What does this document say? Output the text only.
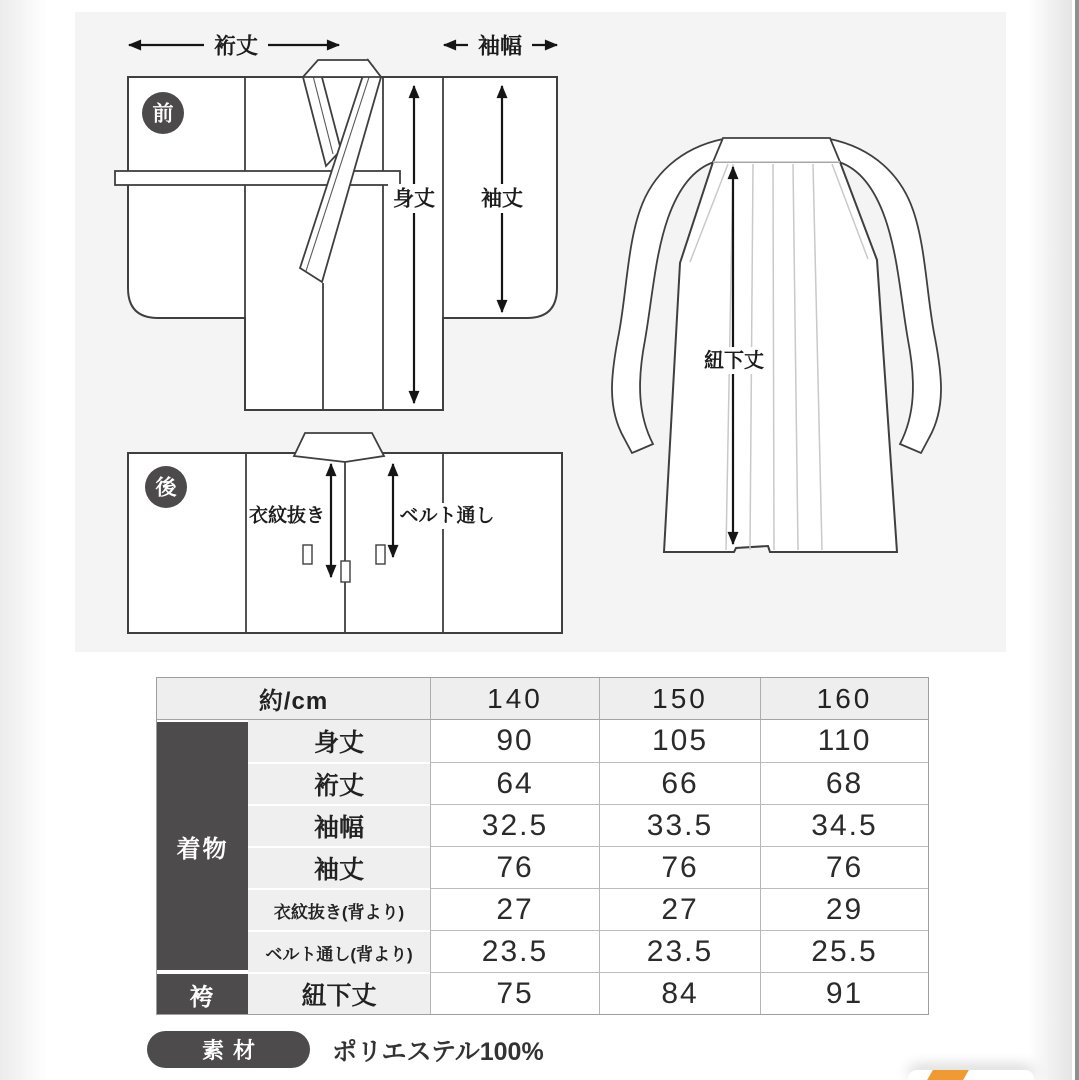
前
裄丈	袖幅
身丈 袖丈
後
衣紋抜き	ベルト通し
紐下丈
約/cm	140	150	160
着物
身丈	90	105	110
裄丈	64	66	68
袖幅	32.5	33.5	34.5
袖丈	76	76	76
衣紋抜き(背より)	27	27	29
ベルト通し(背より)	23.5	23.5	25.5
袴	紐下丈	75	84	91
素材	ポリエステル100%
